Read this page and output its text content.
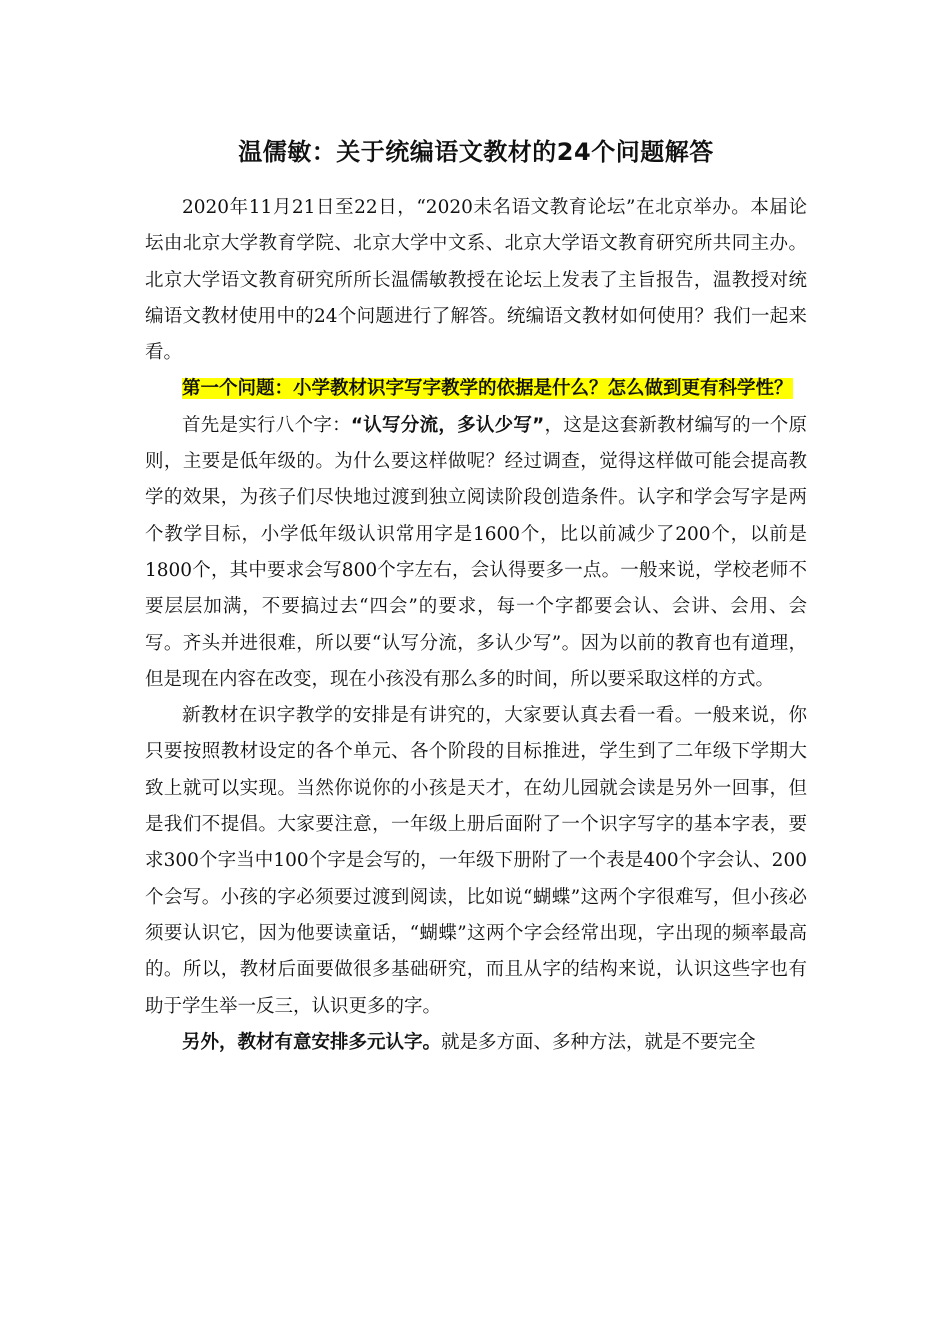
温儒敏：关于统编语文教材的24个问题解答

2020年11月21日至22日，“2020未名语文教育论坛”在北京举办。本届论坛由北京大学教育学院、北京大学中文系、北京大学语文教育研究所共同主办。北京大学语文教育研究所所长温儒敏教授在论坛上发表了主旨报告，温教授对统编语文教材使用中的24个问题进行了解答。统编语文教材如何使用？我们一起来看。

第一个问题：小学教材识字写字教学的依据是什么？怎么做到更有科学性？

首先是实行八个字：“认写分流，多认少写”，这是这套新教材编写的一个原则，主要是低年级的。为什么要这样做呢？经过调查，觉得这样做可能会提高教学的效果，为孩子们尽快地过渡到独立阅读阶段创造条件。认字和学会写字是两个教学目标，小学低年级认识常用字是1600个，比以前减少了200个，以前是1800个，其中要求会写800个字左右，会认得要多一点。一般来说，学校老师不要层层加满，不要搞过去“四会”的要求，每一个字都要会认、会讲、会用、会写。齐头并进很难，所以要“认写分流，多认少写”。因为以前的教育也有道理，但是现在内容在改变，现在小孩没有那么多的时间，所以要采取这样的方式。

新教材在识字教学的安排是有讲究的，大家要认真去看一看。一般来说，你只要按照教材设定的各个单元、各个阶段的目标推进，学生到了二年级下学期大致上就可以实现。当然你说你的小孩是天才，在幼儿园就会读是另外一回事，但是我们不提倡。大家要注意，一年级上册后面附了一个识字写字的基本字表，要求300个字当中100个字是会写的，一年级下册附了一个表是400个字会认、200个会写。小孩的字必须要过渡到阅读，比如说“蝴蝶”这两个字很难写，但小孩必须要认识它，因为他要读童话，“蝴蝶”这两个字会经常出现，字出现的频率最高的。所以，教材后面要做很多基础研究，而且从字的结构来说，认识这些字也有助于学生举一反三，认识更多的字。

另外，教材有意安排多元认字。就是多方面、多种方法，就是不要完全
